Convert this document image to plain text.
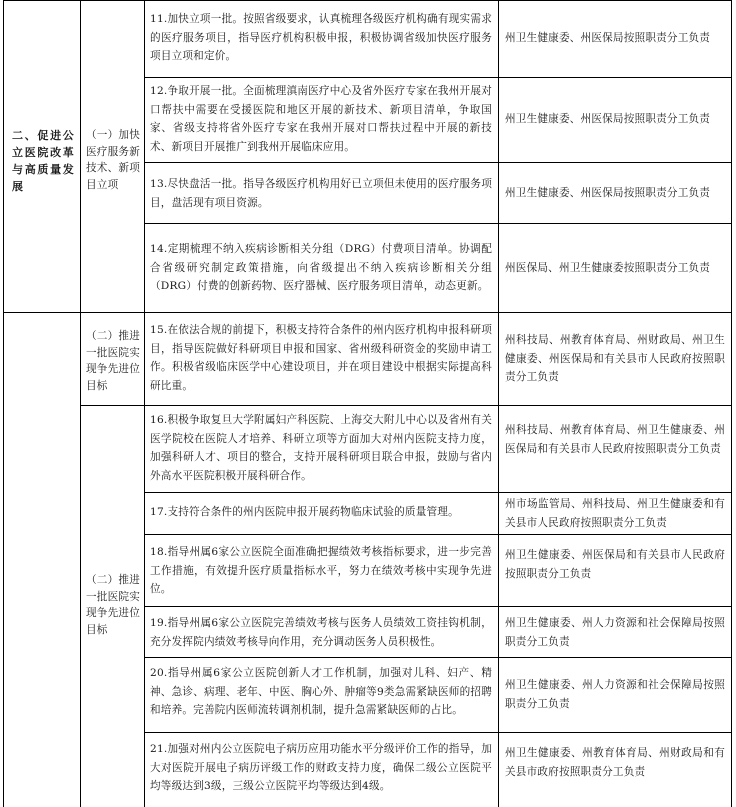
二、促进公立医院改革与高质量发展
（一）加快医疗服务新技术、新项目立项
（二）推进一批医院实现争先进位目标
（二）推进一批医院实现争先进位目标
11.加快立项一批。按照省级要求，认真梳理各级医疗机构确有现实需求的医疗服务项目，指导医疗机构积极申报，积极协调省级加快医疗服务项目立项和定价。
12.争取开展一批。全面梳理滇南医疗中心及省外医疗专家在我州开展对口帮扶中需要在受援医院和地区开展的新技术、新项目清单，争取国家、省级支持将省外医疗专家在我州开展对口帮扶过程中开展的新技术、新项目开展推广到我州开展临床应用。
13.尽快盘活一批。指导各级医疗机构用好已立项但未使用的医疗服务项目，盘活现有项目资源。
14.定期梳理不纳入疾病诊断相关分组（DRG）付费项目清单。协调配合省级研究制定政策措施，向省级提出不纳入疾病诊断相关分组（DRG）付费的创新药物、医疗器械、医疗服务项目清单，动态更新。
15.在依法合规的前提下，积极支持符合条件的州内医疗机构申报科研项目，指导医院做好科研项目申报和国家、省州级科研资金的奖励申请工作。积极省级临床医学中心建设项目，并在项目建设中根据实际提高科研比重。
16.积极争取复旦大学附属妇产科医院、上海交大附儿中心以及省州有关医学院校在医院人才培养、科研立项等方面加大对州内医院支持力度，加强科研人才、项目的整合，支持开展科研项目联合申报，鼓励与省内外高水平医院积极开展科研合作。
17.支持符合条件的州内医院申报开展药物临床试验的质量管理。
18.指导州属6家公立医院全面准确把握绩效考核指标要求，进一步完善工作措施，有效提升医疗质量指标水平，努力在绩效考核中实现争先进位。
19.指导州属6家公立医院完善绩效考核与医务人员绩效工资挂钩机制，充分发挥院内绩效考核导向作用，充分调动医务人员积极性。
20.指导州属6家公立医院创新人才工作机制，加强对儿科、妇产、精神、急诊、病理、老年、中医、胸心外、肿瘤等9类急需紧缺医师的招聘和培养。完善院内医师流转调剂机制，提升急需紧缺医师的占比。
21.加强对州内公立医院电子病历应用功能水平分级评价工作的指导，加大对医院开展电子病历评级工作的财政支持力度，确保二级公立医院平均等级达到3级，三级公立医院平均等级达到4级。
州卫生健康委、州医保局按照职责分工负责
州卫生健康委、州医保局按照职责分工负责
州卫生健康委、州医保局按照职责分工负责
州医保局、州卫生健康委按照职责分工负责
州科技局、州教育体育局、州财政局、州卫生健康委、州医保局和有关县市人民政府按照职责分工负责
州科技局、州教育体育局、州卫生健康委、州医保局和有关县市人民政府按照职责分工负责
州市场监管局、州科技局、州卫生健康委和有关县市人民政府按照职责分工负责
州卫生健康委、州医保局和有关县市人民政府按照职责分工负责
州卫生健康委、州人力资源和社会保障局按照职责分工负责
州卫生健康委、州人力资源和社会保障局按照职责分工负责
州卫生健康委、州教育体育局、州财政局和有关县市政府按照职责分工负责
